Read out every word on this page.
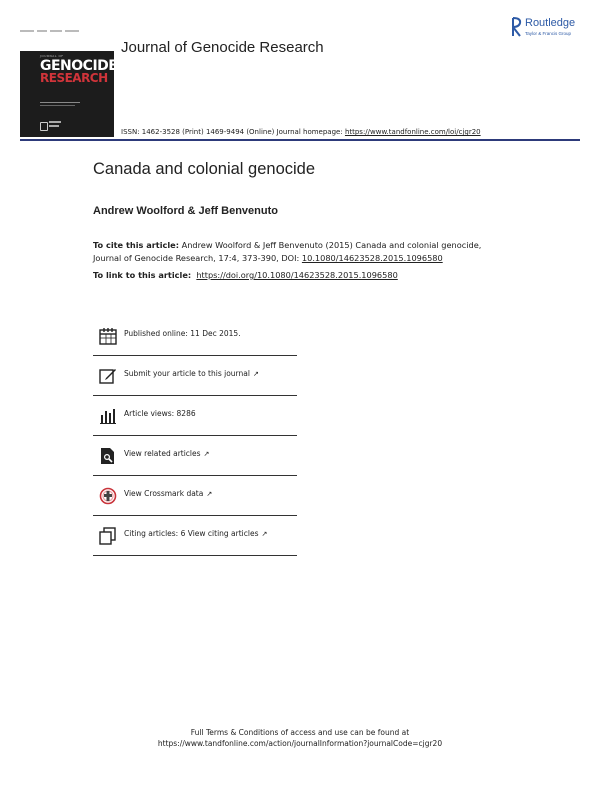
JOURNAL OF
GENOCIDE
RESEARCH
Journal of Genocide Research
Routledge
Taylor & Francis Group
ISSN: 1462-3528 (Print) 1469-9494 (Online) Journal homepage: https://www.tandfonline.com/loi/cjgr20
Canada and colonial genocide
Andrew Woolford & Jeff Benvenuto
To cite this article: Andrew Woolford & Jeff Benvenuto (2015) Canada and colonial genocide,
Journal of Genocide Research, 17:4, 373-390, DOI: 10.1080/14623528.2015.1096580
To link to this article: https://doi.org/10.1080/14623528.2015.1096580
Published online: 11 Dec 2015.
Submit your article to this journal ↗
Article views: 8286
View related articles ↗
View Crossmark data ↗
Citing articles: 6 View citing articles ↗
Full Terms & Conditions of access and use can be found at
https://www.tandfonline.com/action/journalInformation?journalCode=cjgr20
